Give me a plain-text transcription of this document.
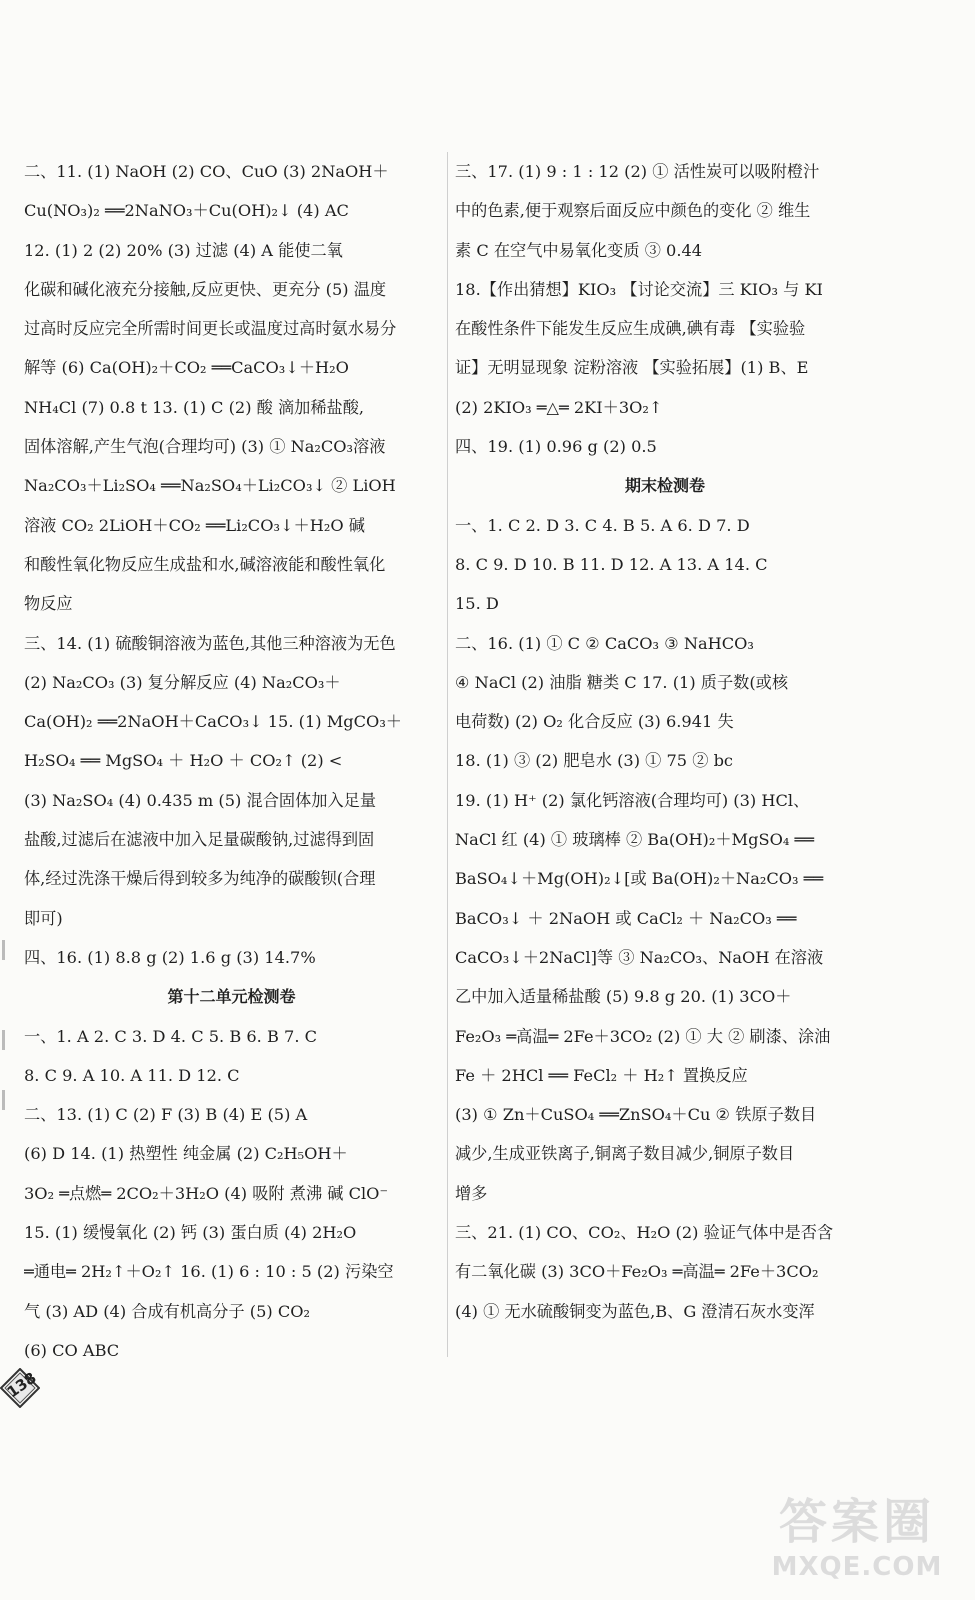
二、11. (1) NaOH (2) CO、CuO (3) 2NaOH＋
Cu(NO₃)₂ ══2NaNO₃＋Cu(OH)₂↓ (4) AC
12. (1) 2 (2) 20% (3) 过滤 (4) A 能使二氧
化碳和碱化液充分接触,反应更快、更充分 (5) 温度
过高时反应完全所需时间更长或温度过高时氨水易分
解等 (6) Ca(OH)₂＋CO₂ ══CaCO₃↓＋H₂O
NH₄Cl (7) 0.8 t 13. (1) C (2) 酸 滴加稀盐酸,
固体溶解,产生气泡(合理均可) (3) ① Na₂CO₃溶液
Na₂CO₃＋Li₂SO₄ ══Na₂SO₄＋Li₂CO₃↓ ② LiOH
溶液 CO₂ 2LiOH＋CO₂ ══Li₂CO₃↓＋H₂O 碱
和酸性氧化物反应生成盐和水,碱溶液能和酸性氧化
物反应
三、14. (1) 硫酸铜溶液为蓝色,其他三种溶液为无色
(2) Na₂CO₃ (3) 复分解反应 (4) Na₂CO₃＋
Ca(OH)₂ ══2NaOH＋CaCO₃↓ 15. (1) MgCO₃＋
H₂SO₄ ══ MgSO₄ ＋ H₂O ＋ CO₂↑ (2) <
(3) Na₂SO₄ (4) 0.435 m (5) 混合固体加入足量
盐酸,过滤后在滤液中加入足量碳酸钠,过滤得到固
体,经过洗涤干燥后得到较多为纯净的碳酸钡(合理
即可)
四、16. (1) 8.8 g (2) 1.6 g (3) 14.7%
第十二单元检测卷
一、1. A 2. C 3. D 4. C 5. B 6. B 7. C
8. C 9. A 10. A 11. D 12. C
二、13. (1) C (2) F (3) B (4) E (5) A
(6) D 14. (1) 热塑性 纯金属 (2) C₂H₅OH＋
3O₂ ═点燃═ 2CO₂＋3H₂O (4) 吸附 煮沸 碱 ClO⁻
15. (1) 缓慢氧化 (2) 钙 (3) 蛋白质 (4) 2H₂O
═通电═ 2H₂↑＋O₂↑ 16. (1) 6 : 10 : 5 (2) 污染空
气 (3) AD (4) 合成有机高分子 (5) CO₂
(6) CO ABC
三、17. (1) 9 : 1 : 12 (2) ① 活性炭可以吸附橙汁
中的色素,便于观察后面反应中颜色的变化 ② 维生
素 C 在空气中易氧化变质 ③ 0.44
18.【作出猜想】KIO₃ 【讨论交流】三 KIO₃ 与 KI
在酸性条件下能发生反应生成碘,碘有毒 【实验验
证】无明显现象 淀粉溶液 【实验拓展】(1) B、E
(2) 2KIO₃ ═△═ 2KI＋3O₂↑
四、19. (1) 0.96 g (2) 0.5
期末检测卷
一、1. C 2. D 3. C 4. B 5. A 6. D 7. D
8. C 9. D 10. B 11. D 12. A 13. A 14. C
15. D
二、16. (1) ① C ② CaCO₃ ③ NaHCO₃
④ NaCl (2) 油脂 糖类 C 17. (1) 质子数(或核
电荷数) (2) O₂ 化合反应 (3) 6.941 失
18. (1) ③ (2) 肥皂水 (3) ① 75 ② bc
19. (1) H⁺ (2) 氯化钙溶液(合理均可) (3) HCl、
NaCl 红 (4) ① 玻璃棒 ② Ba(OH)₂＋MgSO₄ ══
BaSO₄↓＋Mg(OH)₂↓[或 Ba(OH)₂＋Na₂CO₃ ══
BaCO₃↓ ＋ 2NaOH 或 CaCl₂ ＋ Na₂CO₃ ══
CaCO₃↓＋2NaCl]等 ③ Na₂CO₃、NaOH 在溶液
乙中加入适量稀盐酸 (5) 9.8 g 20. (1) 3CO＋
Fe₂O₃ ═高温═ 2Fe＋3CO₂ (2) ① 大 ② 刷漆、涂油
Fe ＋ 2HCl ══ FeCl₂ ＋ H₂↑ 置换反应
(3) ① Zn＋CuSO₄ ══ZnSO₄＋Cu ② 铁原子数目
减少,生成亚铁离子,铜离子数目减少,铜原子数目
增多
三、21. (1) CO、CO₂、H₂O (2) 验证气体中是否含
有二氧化碳 (3) 3CO＋Fe₂O₃ ═高温═ 2Fe＋3CO₂
(4) ① 无水硫酸铜变为蓝色,B、G 澄清石灰水变浑
138
答案圈
MXQE.COM
